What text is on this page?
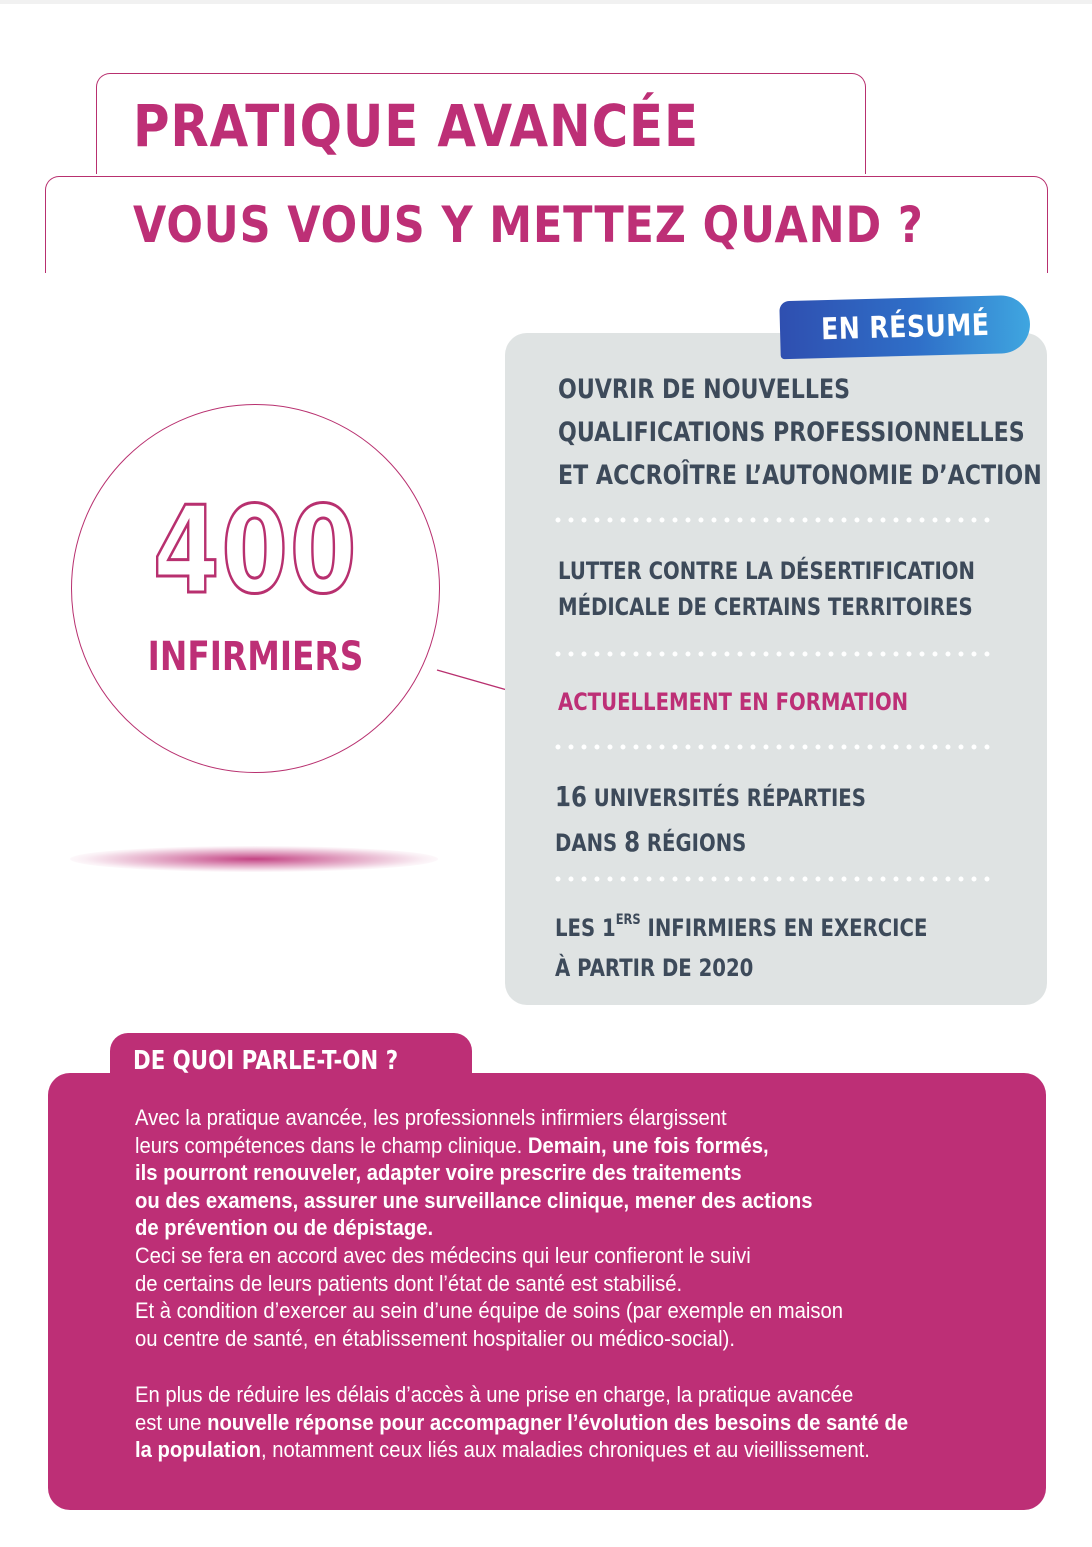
PRATIQUE AVANCÉE
VOUS VOUS Y METTEZ QUAND ?
400
INFIRMIERS
EN RÉSUMÉ
OUVRIR DE NOUVELLES
QUALIFICATIONS PROFESSIONNELLES
ET ACCROÎTRE L’AUTONOMIE D’ACTION
LUTTER CONTRE LA DÉSERTIFICATION
MÉDICALE DE CERTAINS TERRITOIRES
ACTUELLEMENT EN FORMATION
16 UNIVERSITÉS RÉPARTIES
DANS 8 RÉGIONS
LES 1ERS INFIRMIERS EN EXERCICE
À PARTIR DE 2020
DE QUOI PARLE-T-ON ?
Avec la pratique avancée, les professionnels infirmiers élargissent
leurs compétences dans le champ clinique. Demain, une fois formés,
ils pourront renouveler, adapter voire prescrire des traitements
ou des examens, assurer une surveillance clinique, mener des actions
de prévention ou de dépistage.
Ceci se fera en accord avec des médecins qui leur confieront le suivi
de certains de leurs patients dont l’état de santé est stabilisé.
Et à condition d’exercer au sein d’une équipe de soins (par exemple en maison
ou centre de santé, en établissement hospitalier ou médico-social).
En plus de réduire les délais d’accès à une prise en charge, la pratique avancée
est une nouvelle réponse pour accompagner l’évolution des besoins de santé de
la population, notamment ceux liés aux maladies chroniques et au vieillissement.
